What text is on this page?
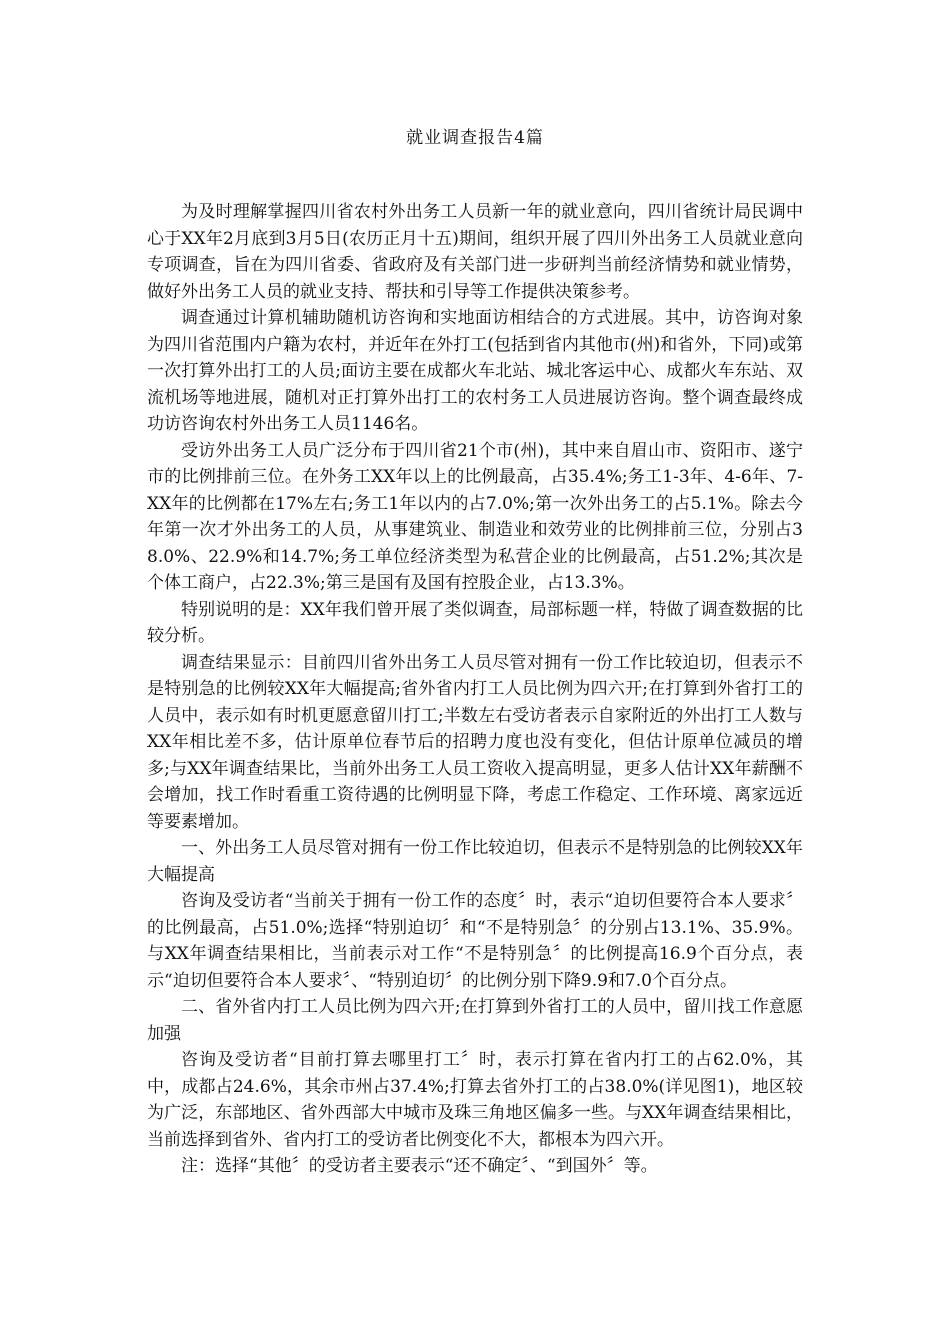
就业调查报告4篇

为及时理解掌握四川省农村外出务工人员新一年的就业意向，四川省统计局民调中心于XX年2月底到3月5日(农历正月十五)期间，组织开展了四川外出务工人员就业意向专项调查，旨在为四川省委、省政府及有关部门进一步研判当前经济情势和就业情势，做好外出务工人员的就业支持、帮扶和引导等工作提供决策参考。

调查通过计算机辅助随机访咨询和实地面访相结合的方式进展。其中，访咨询对象为四川省范围内户籍为农村，并近年在外打工(包括到省内其他市(州)和省外，下同)或第一次打算外出打工的人员;面访主要在成都火车北站、城北客运中心、成都火车东站、双流机场等地进展，随机对正打算外出打工的农村务工人员进展访咨询。整个调查最终成功访咨询农村外出务工人员1146名。

受访外出务工人员广泛分布于四川省21个市(州)，其中来自眉山市、资阳市、遂宁市的比例排前三位。在外务工XX年以上的比例最高，占35.4%;务工1-3年、4-6年、7-XX年的比例都在17%左右;务工1年以内的占7.0%;第一次外出务工的占5.1%。除去今年第一次才外出务工的人员，从事建筑业、制造业和效劳业的比例排前三位，分别占38.0%、22.9%和14.7%;务工单位经济类型为私营企业的比例最高，占51.2%;其次是个体工商户，占22.3%;第三是国有及国有控股企业，占13.3%。

特别说明的是：XX年我们曾开展了类似调查，局部标题一样，特做了调查数据的比较分析。

调查结果显示：目前四川省外出务工人员尽管对拥有一份工作比较迫切，但表示不是特别急的比例较XX年大幅提高;省外省内打工人员比例为四六开;在打算到外省打工的人员中，表示如有时机更愿意留川打工;半数左右受访者表示自家附近的外出打工人数与XX年相比差不多，估计原单位春节后的招聘力度也没有变化，但估计原单位减员的增多;与XX年调查结果比，当前外出务工人员工资收入提高明显，更多人估计XX年薪酬不会增加，找工作时看重工资待遇的比例明显下降，考虑工作稳定、工作环境、离家远近等要素增加。

一、外出务工人员尽管对拥有一份工作比较迫切，但表示不是特别急的比例较XX年大幅提高

咨询及受访者“当前关于拥有一份工作的态度〞时，表示“迫切但要符合本人要求〞的比例最高，占51.0%;选择“特别迫切〞和“不是特别急〞的分别占13.1%、35.9%。与XX年调查结果相比，当前表示对工作“不是特别急〞的比例提高16.9个百分点，表示“迫切但要符合本人要求〞、“特别迫切〞的比例分别下降9.9和7.0个百分点。

二、省外省内打工人员比例为四六开;在打算到外省打工的人员中，留川找工作意愿加强

咨询及受访者“目前打算去哪里打工〞时，表示打算在省内打工的占62.0%，其中，成都占24.6%，其余市州占37.4%;打算去省外打工的占38.0%(详见图1)，地区较为广泛，东部地区、省外西部大中城市及珠三角地区偏多一些。与XX年调查结果相比，当前选择到省外、省内打工的受访者比例变化不大，都根本为四六开。

注：选择“其他〞的受访者主要表示“还不确定〞、“到国外〞等。
